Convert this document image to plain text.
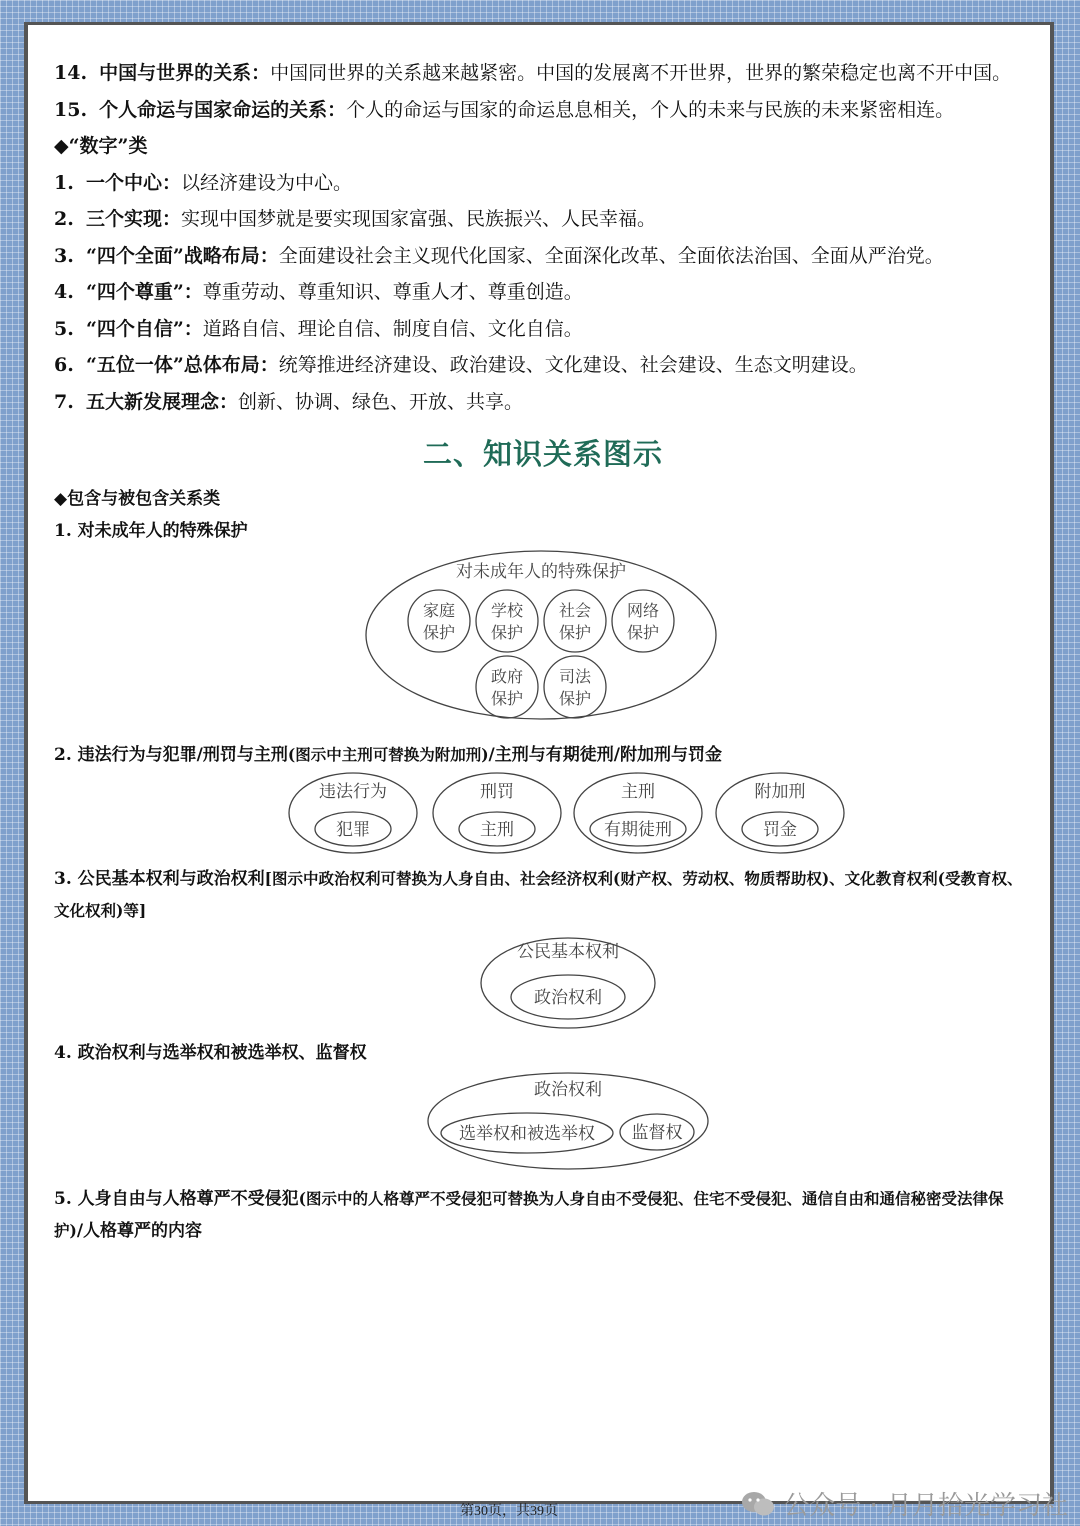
14. 中国与世界的关系：中国同世界的关系越来越紧密。中国的发展离不开世界，世界的繁荣稳定也离不开中国。

15. 个人命运与国家命运的关系：个人的命运与国家的命运息息相关，个人的未来与民族的未来紧密相连。

◆“数字”类

1. 一个中心：以经济建设为中心。

2. 三个实现：实现中国梦就是要实现国家富强、民族振兴、人民幸福。

3. “四个全面”战略布局：全面建设社会主义现代化国家、全面深化改革、全面依法治国、全面从严治党。

4. “四个尊重”：尊重劳动、尊重知识、尊重人才、尊重创造。

5. “四个自信”：道路自信、理论自信、制度自信、文化自信。

6. “五位一体”总体布局：统筹推进经济建设、政治建设、文化建设、社会建设、生态文明建设。

7. 五大新发展理念：创新、协调、绿色、开放、共享。

二、知识关系图示

◆包含与被包含关系类

1. 对未成年人的特殊保护

对未成年人的特殊保护
家庭
保护
学校
保护
社会
保护
网络
保护
政府
保护
司法
保护

2. 违法行为与犯罪/刑罚与主刑(图示中主刑可替换为附加刑)/主刑与有期徒刑/附加刑与罚金

违法行为
犯罪
刑罚
主刑
主刑
有期徒刑
附加刑
罚金

3. 公民基本权利与政治权利[图示中政治权利可替换为人身自由、社会经济权利(财产权、劳动权、物质帮助权)、文化教育权利(受教育权、文化权利)等]

公民基本权利
政治权利

4. 政治权利与选举权和被选举权、监督权

政治权利
选举权和被选举权 监督权

5. 人身自由与人格尊严不受侵犯(图示中的人格尊严不受侵犯可替换为人身自由不受侵犯、住宅不受侵犯、通信自由和通信秘密受法律保护)/人格尊严的内容

第30页，共39页	公众号 · 月月拾光学习社
